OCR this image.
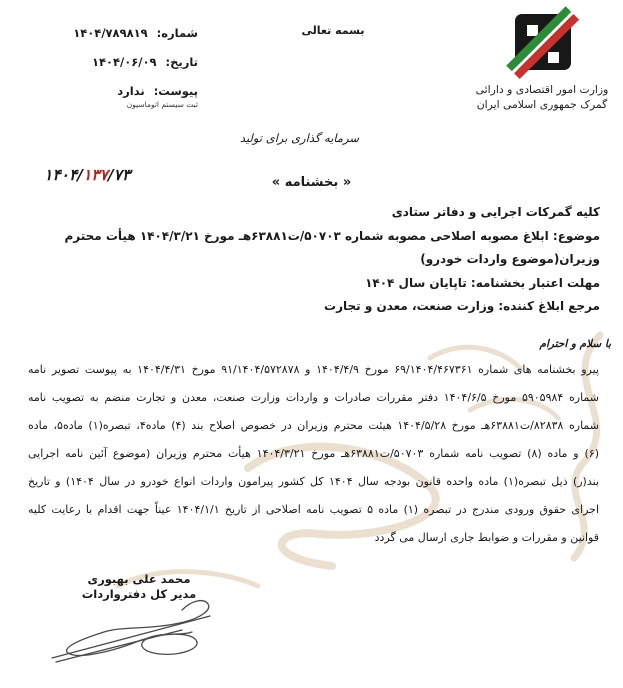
شماره:۱۴۰۴/۷۸۹۸۱۹
تاریخ:۱۴۰۴/۰۶/۰۹
پیوست:ندارد
ثبت سیستم اتوماسیون
بسمه تعالی
وزارت امور اقتصادی و دارائی
گمرک جمهوری اسلامی ایران
سرمایه گذاری برای تولید
۱۴۰۴/۱۳۷/۷۳	« بخشنامه »
کلیه گمرکات اجرایی و دفاتر ستادی
موضوع: ابلاغ مصوبه اصلاحی مصوبه شماره ۵۰۷۰۳/ت۶۳۸۸۱هـ مورخ ۱۴۰۴/۳/۲۱ هیأت محترم وزیران(موضوع واردات خودرو)
مهلت اعتبار بخشنامه: تاپایان سال ۱۴۰۴
مرجع ابلاغ کننده: وزارت صنعت، معدن و تجارت
با سلام و احترام
پیرو بخشنامه های شماره ۶۹/۱۴۰۴/۴۶۷۳۶۱ مورخ ۱۴۰۴/۴/۹ و ۹۱/۱۴۰۴/۵۷۲۸۷۸ مورخ ۱۴۰۴/۴/۳۱ به پیوست تصویر نامه
شماره ۵۹۰۵۹۸۴ مورخ ۱۴۰۴/۶/۵ دفتر مقررات صادرات و واردات وزارت صنعت، معدن و تجارت منضم به تصویب نامه
شماره ۸۲۸۳۸/ت۶۳۸۸۱هـ مورخ ۱۴۰۴/۵/۲۸ هیئت محترم وزیران در خصوص اصلاح بند (۴) ماده۴، تبصره(۱) ماده۵، ماده
(۶) و ماده (۸) تصویب نامه شماره ۵۰۷۰۳/ت۶۳۸۸۱هـ مورخ ۱۴۰۴/۳/۲۱ هیأت محترم وزیران (موضوع آئین نامه اجرایی
بند(ر) ذیل تبصره(۱) ماده واحده قانون بودجه سال ۱۴۰۴ کل کشور پیرامون واردات انواع خودرو در سال ۱۴۰۴) و تاریخ
اجرای حقوق ورودی مندرج در تبصره (۱) ماده ۵ تصویب نامه اصلاحی از تاریخ ۱۴۰۴/۱/۱ عیناً جهت اقدام با رعایت کلیه
قوانین و مقررات و ضوابط جاری ارسال می گردد
محمد علی بهبوری
مدیر کل دفترواردات
